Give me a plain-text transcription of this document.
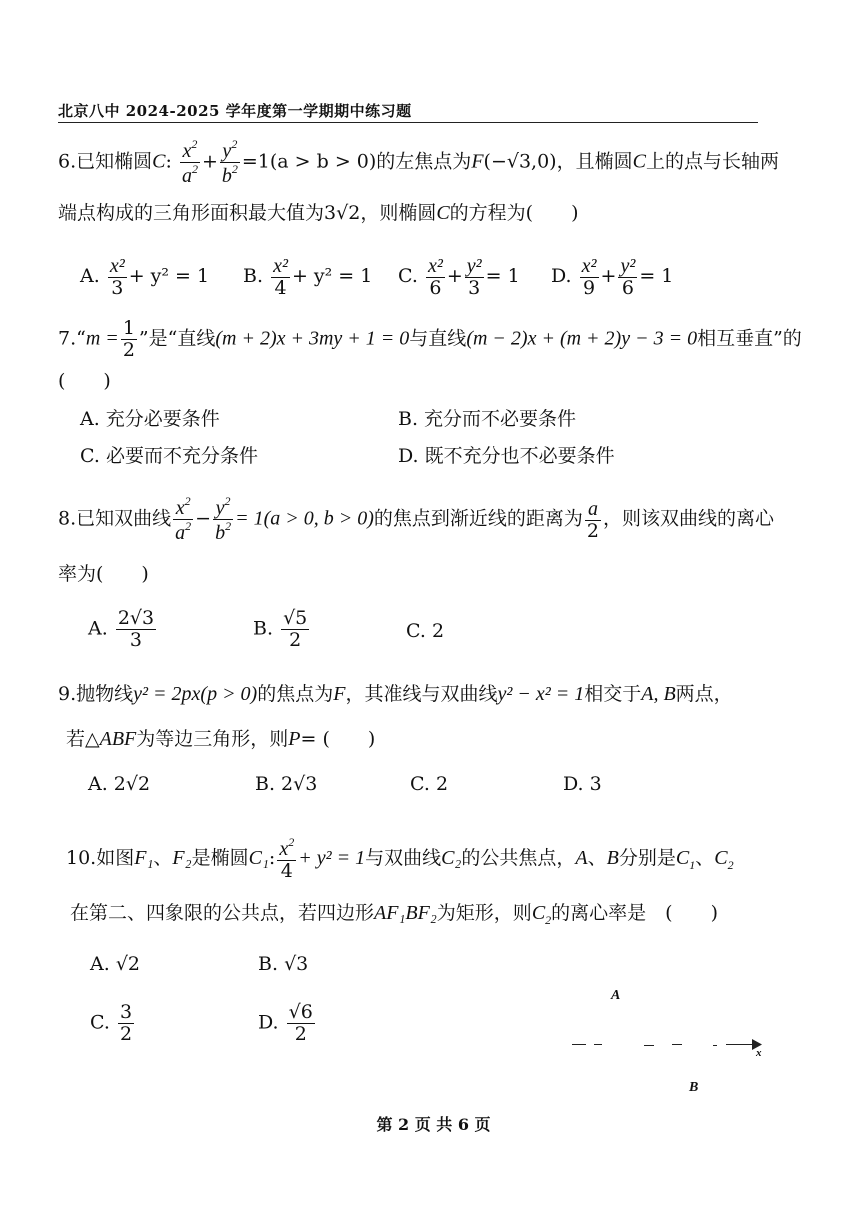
北京八中 2024-2025 学年度第一学期期中练习题
6.已知椭圆C: $\frac{x^2}{a^2} + \frac{y^2}{b^2} =1(a > b > 0)$的左焦点为F(−√3,0)，且椭圆C上的点与长轴两
端点构成的三角形面积最大值为3√2，则椭圆C的方程为(　　)
A. $\frac{\text{x²}}{3} + y^2 = 1$ B. $\frac{\text{x²}}{4} + y^2 = 1$ C. $\frac{\text{x²}}{6} + \frac{\text{y²}}{3} = 1$ D. $\frac{\text{x²}}{9} + \frac{\text{y²}}{6} = 1$
7.“m = $\frac{1}{2}$ ”是“直线(m + 2)x + 3my + 1 = 0与直线(m − 2)x + (m + 2)y − 3 = 0相互垂直”的
(　　)
A. 充分必要条件	B. 充分而不必要条件
C. 必要而不充分条件	D. 既不充分也不必要条件
8.已知双曲线 $\frac{x^2}{a^2} - \frac{y^2}{b^2} = 1(a > 0$, b > 0)的焦点到渐近线的距离为 $\frac{a}{2}$ ，则该双曲线的离心
率为(　　)
A. $\frac{2√3}{3}$	B. $\frac{√5}{2}$	C. 2
9.抛物线y² = 2px(p > 0)的焦点为F，其准线与双曲线y² − x² = 1相交于A, B两点，
若△ABF为等边三角形，则P= (　　)
A. 2√2	B. 2√3	C. 2	D. 3
10.如图F₁、F₂是椭圆C₁: $\frac{x^2}{4} + y^2 = 1$与双曲线C₂的公共焦点，A、B分别是$C_1$、$C_2$
在第二、四象限的公共点，若四边形AF₁BF₂为矩形，则$C_2$的离心率是　(　　)
A. √2	B. √3
C. $\frac{3}{2}$	D. $\frac{√6}{2}$
A
B
x
第 2 页 共 6 页
